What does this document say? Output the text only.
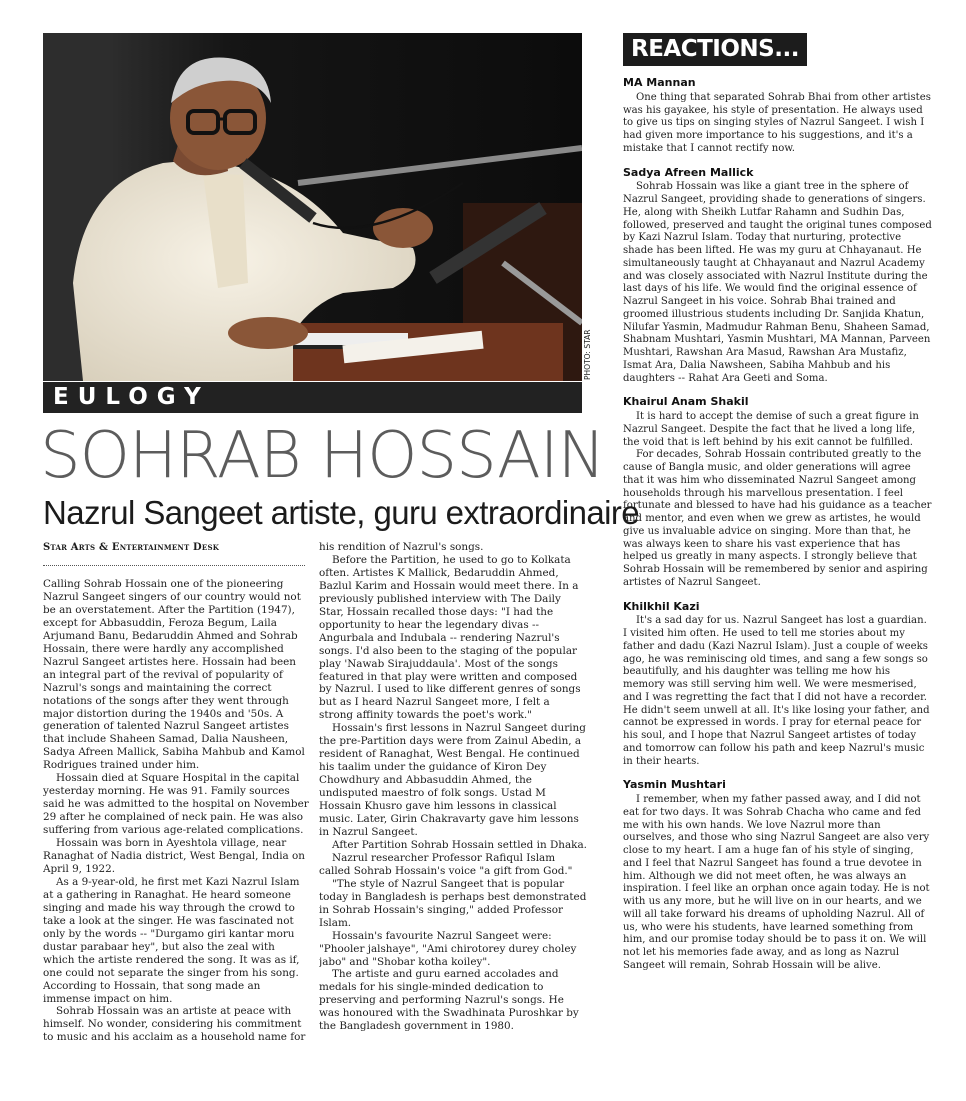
PHOTO: STAR
EULOGY
SOHRAB HOSSAIN
Nazrul Sangeet artiste, guru extraordinaire
Star Arts & Entertainment Desk

Calling Sohrab Hossain one of the pioneering Nazrul Sangeet singers of our country would not be an overstatement. After the Partition (1947), except for Abbasuddin, Feroza Begum, Laila Arjumand Banu, Bedaruddin Ahmed and Sohrab Hossain, there were hardly any accomplished Nazrul Sangeet artistes here. Hossain had been an integral part of the revival of popularity of Nazrul's songs and maintaining the correct notations of the songs after they went through major distortion during the 1940s and '50s. A generation of talented Nazrul Sangeet artistes that include Shaheen Samad, Dalia Nausheen, Sadya Afreen Mallick, Sabiha Mahbub and Kamol Rodrigues trained under him.

Hossain died at Square Hospital in the capital yesterday morning. He was 91. Family sources said he was admitted to the hospital on November 29 after he complained of neck pain. He was also suffering from various age-related complications.

Hossain was born in Ayeshtola village, near Ranaghat of Nadia district, West Bengal, India on April 9, 1922.

As a 9-year-old, he first met Kazi Nazrul Islam at a gathering in Ranaghat. He heard someone singing and made his way through the crowd to take a look at the singer. He was fascinated not only by the words -- "Durgamo giri kantar moru dustar parabaar hey", but also the zeal with which the artiste rendered the song. It was as if, one could not separate the singer from his song. According to Hossain, that song made an immense impact on him.

Sohrab Hossain was an artiste at peace with himself. No wonder, considering his commitment to music and his acclaim as a household name for

his rendition of Nazrul's songs.

Before the Partition, he used to go to Kolkata often. Artistes K Mallick, Bedaruddin Ahmed, Bazlul Karim and Hossain would meet there. In a previously published interview with The Daily Star, Hossain recalled those days: "I had the opportunity to hear the legendary divas -- Angurbala and Indubala -- rendering Nazrul's songs. I'd also been to the staging of the popular play 'Nawab Sirajuddaula'. Most of the songs featured in that play were written and composed by Nazrul. I used to like different genres of songs but as I heard Nazrul Sangeet more, I felt a strong affinity towards the poet's work."

Hossain's first lessons in Nazrul Sangeet during the pre-Partition days were from Zainul Abedin, a resident of Ranaghat, West Bengal. He continued his taalim under the guidance of Kiron Dey Chowdhury and Abbasuddin Ahmed, the undisputed maestro of folk songs. Ustad M Hossain Khusro gave him lessons in classical music. Later, Girin Chakravarty gave him lessons in Nazrul Sangeet.

After Partition Sohrab Hossain settled in Dhaka.

Nazrul researcher Professor Rafiqul Islam called Sohrab Hossain's voice "a gift from God."

"The style of Nazrul Sangeet that is popular today in Bangladesh is perhaps best demonstrated in Sohrab Hossain's singing," added Professor Islam.

Hossain's favourite Nazrul Sangeet were: "Phooler jalshaye", "Ami chirotorey durey choley jabo" and "Shobar kotha koiley".

The artiste and guru earned accolades and medals for his single-minded dedication to preserving and performing Nazrul's songs. He was honoured with the Swadhinata Puroshkar by the Bangladesh government in 1980.

REACTIONS...
MA Mannan

One thing that separated Sohrab Bhai from other artistes was his gayakee, his style of presentation. He always used to give us tips on singing styles of Nazrul Sangeet. I wish I had given more importance to his suggestions, and it's a mistake that I cannot rectify now.

Sadya Afreen Mallick

Sohrab Hossain was like a giant tree in the sphere of Nazrul Sangeet, providing shade to generations of singers. He, along with Sheikh Lutfar Rahamn and Sudhin Das, followed, preserved and taught the original tunes composed by Kazi Nazrul Islam. Today that nurturing, protective shade has been lifted. He was my guru at Chhayanaut. He simultaneously taught at Chhayanaut and Nazrul Academy and was closely associated with Nazrul Institute during the last days of his life. We would find the original essence of Nazrul Sangeet in his voice. Sohrab Bhai trained and groomed illustrious students including Dr. Sanjida Khatun, Nilufar Yasmin, Madmudur Rahman Benu, Shaheen Samad, Shabnam Mushtari, Yasmin Mushtari, MA Mannan, Parveen Mushtari, Rawshan Ara Masud, Rawshan Ara Mustafiz, Ismat Ara, Dalia Nawsheen, Sabiha Mahbub and his daughters -- Rahat Ara Geeti and Soma.

Khairul Anam Shakil

It is hard to accept the demise of such a great figure in Nazrul Sangeet. Despite the fact that he lived a long life, the void that is left behind by his exit cannot be fulfilled.

For decades, Sohrab Hossain contributed greatly to the cause of Bangla music, and older generations will agree that it was him who disseminated Nazrul Sangeet among households through his marvellous presentation. I feel fortunate and blessed to have had his guidance as a teacher and mentor, and even when we grew as artistes, he would give us invaluable advice on singing. More than that, he was always keen to share his vast experience that has helped us greatly in many aspects. I strongly believe that Sohrab Hossain will be remembered by senior and aspiring artistes of Nazrul Sangeet.

Khilkhil Kazi

It's a sad day for us. Nazrul Sangeet has lost a guardian. I visited him often. He used to tell me stories about my father and dadu (Kazi Nazrul Islam). Just a couple of weeks ago, he was reminiscing old times, and sang a few songs so beautifully, and his daughter was telling me how his memory was still serving him well. We were mesmerised, and I was regretting the fact that I did not have a recorder. He didn't seem unwell at all. It's like losing your father, and cannot be expressed in words. I pray for eternal peace for his soul, and I hope that Nazrul Sangeet artistes of today and tomorrow can follow his path and keep Nazrul's music in their hearts.

Yasmin Mushtari

I remember, when my father passed away, and I did not eat for two days. It was Sohrab Chacha who came and fed me with his own hands. We love Nazrul more than ourselves, and those who sing Nazrul Sangeet are also very close to my heart. I am a huge fan of his style of singing, and I feel that Nazrul Sangeet has found a true devotee in him. Although we did not meet often, he was always an inspiration. I feel like an orphan once again today. He is not with us any more, but he will live on in our hearts, and we will all take forward his dreams of upholding Nazrul. All of us, who were his students, have learned something from him, and our promise today should be to pass it on. We will not let his memories fade away, and as long as Nazrul Sangeet will remain, Sohrab Hossain will be alive.
